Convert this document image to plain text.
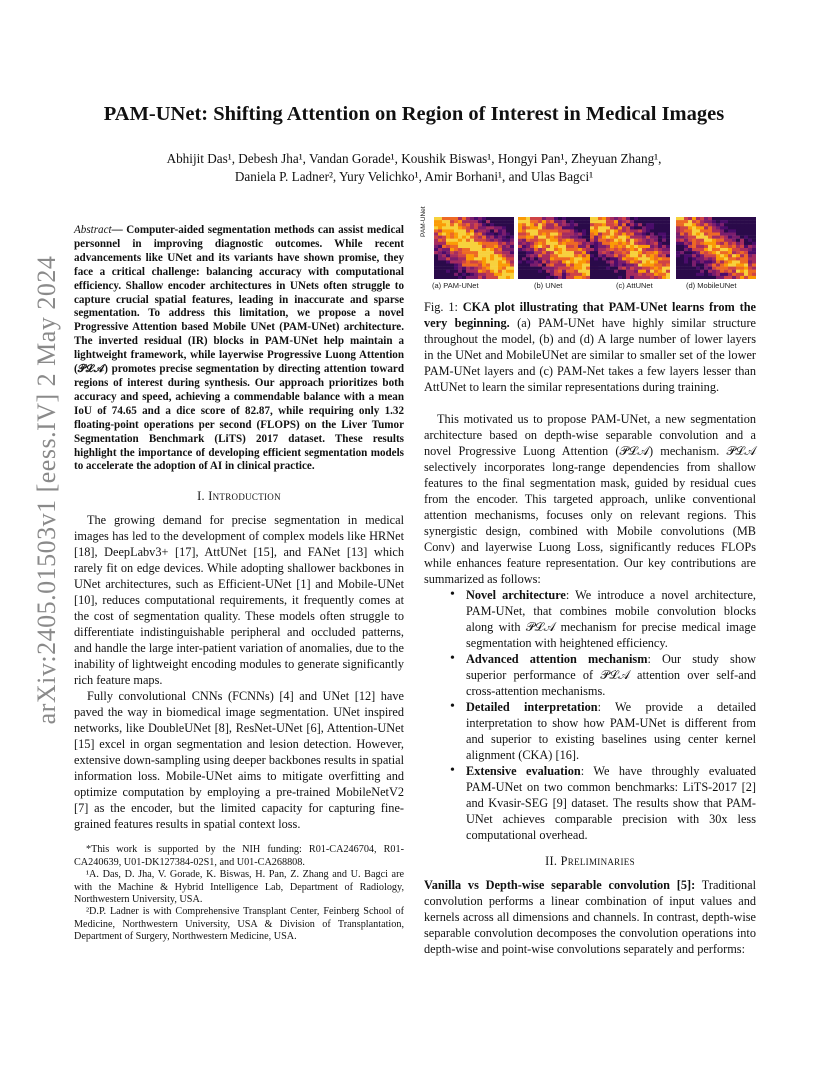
arXiv:2405.01503v1 [eess.IV] 2 May 2024
PAM-UNet: Shifting Attention on Region of Interest in Medical Images
Abhijit Das¹, Debesh Jha¹, Vandan Gorade¹, Koushik Biswas¹, Hongyi Pan¹, Zheyuan Zhang¹,
Daniela P. Ladner², Yury Velichko¹, Amir Borhani¹, and Ulas Bagci¹

Abstract— Computer-aided segmentation methods can assist medical personnel in improving diagnostic outcomes. While recent advancements like UNet and its variants have shown promise, they face a critical challenge: balancing accuracy with computational efficiency. Shallow encoder architectures in UNets often struggle to capture crucial spatial features, leading in inaccurate and sparse segmentation. To address this limitation, we propose a novel Progressive Attention based Mobile UNet (PAM-UNet) architecture. The inverted residual (IR) blocks in PAM-UNet help maintain a lightweight framework, while layerwise Progressive Luong Attention (𝒫ℒ𝒜) promotes precise segmentation by directing attention toward regions of interest during synthesis. Our approach prioritizes both accuracy and speed, achieving a commendable balance with a mean IoU of 74.65 and a dice score of 82.87, while requiring only 1.32 floating-point operations per second (FLOPS) on the Liver Tumor Segmentation Benchmark (LiTS) 2017 dataset. These results highlight the importance of developing efficient segmentation models to accelerate the adoption of AI in clinical practice.

I. Introduction

The growing demand for precise segmentation in medical images has led to the development of complex models like HRNet [18], DeepLabv3+ [17], AttUNet [15], and FANet [13] which rarely fit on edge devices. While adopting shallower backbones in UNet architectures, such as Efficient-UNet [1] and Mobile-UNet [10], reduces computational requirements, it frequently comes at the cost of segmentation quality. These models often struggle to differentiate indistinguishable peripheral and occluded patterns, and handle the large inter-patient variation of anomalies, due to the inability of lightweight encoding modules to generate significantly rich feature maps.

Fully convolutional CNNs (FCNNs) [4] and UNet [12] have paved the way in biomedical image segmentation. UNet inspired networks, like DoubleUNet [8], ResNet-UNet [6], Attention-UNet [15] excel in organ segmentation and lesion detection. However, extensive down-sampling using deeper backbones results in spatial information loss. Mobile-UNet aims to mitigate overfitting and optimize computation by employing a pre-trained MobileNetV2 [7] as the encoder, but the limited capacity for capturing fine-grained features results in spatial context loss.

*This work is supported by the NIH funding: R01-CA246704, R01-CA240639, U01-DK127384-02S1, and U01-CA268808.

¹A. Das, D. Jha, V. Gorade, K. Biswas, H. Pan, Z. Zhang and U. Bagci are with the Machine & Hybrid Intelligence Lab, Department of Radiology, Northwestern University, USA.

²D.P. Ladner is with Comprehensive Transplant Center, Feinberg School of Medicine, Northwestern University, USA & Division of Transplantation, Department of Surgery, Northwestern Medicine, USA.

PAM-UNet
(a) PAM-UNet	(b) UNet	(c) AttUNet	(d) MobileUNet

Fig. 1: CKA plot illustrating that PAM-UNet learns from the very beginning. (a) PAM-UNet have highly similar structure throughout the model, (b) and (d) A large number of lower layers in the UNet and MobileUNet are similar to smaller set of the lower PAM-UNet layers and (c) PAM-Net takes a few layers lesser than AttUNet to learn the similar representations during training.

This motivated us to propose PAM-UNet, a new segmentation architecture based on depth-wise separable convolution and a novel Progressive Luong Attention (𝒫ℒ𝒜) mechanism. 𝒫ℒ𝒜 selectively incorporates long-range dependencies from shallow features to the final segmentation mask, guided by residual cues from the encoder. This targeted approach, unlike conventional attention mechanisms, focuses only on relevant regions. This synergistic design, combined with Mobile convolutions (MB Conv) and layerwise Luong Loss, significantly reduces FLOPs while enhances feature representation. Our key contributions are summarized as follows:

• Novel architecture: We introduce a novel architecture, PAM-UNet, that combines mobile convolution blocks along with 𝒫ℒ𝒜 mechanism for precise medical image segmentation with heightened efficiency.
• Advanced attention mechanism: Our study show superior performance of 𝒫ℒ𝒜 attention over self-and cross-attention mechanisms.
• Detailed interpretation: We provide a detailed interpretation to show how PAM-UNet is different from and superior to existing baselines using center kernel alignment (CKA) [16].
• Extensive evaluation: We have throughly evaluated PAM-UNet on two common benchmarks: LiTS-2017 [2] and Kvasir-SEG [9] dataset. The results show that PAM-UNet achieves comparable precision with 30x less computational overhead.
II. Preliminaries

Vanilla vs Depth-wise separable convolution [5]: Traditional convolution performs a linear combination of input values and kernels across all dimensions and channels. In contrast, depth-wise separable convolution decomposes the convolution operations into depth-wise and point-wise convolutions separately and performs:
